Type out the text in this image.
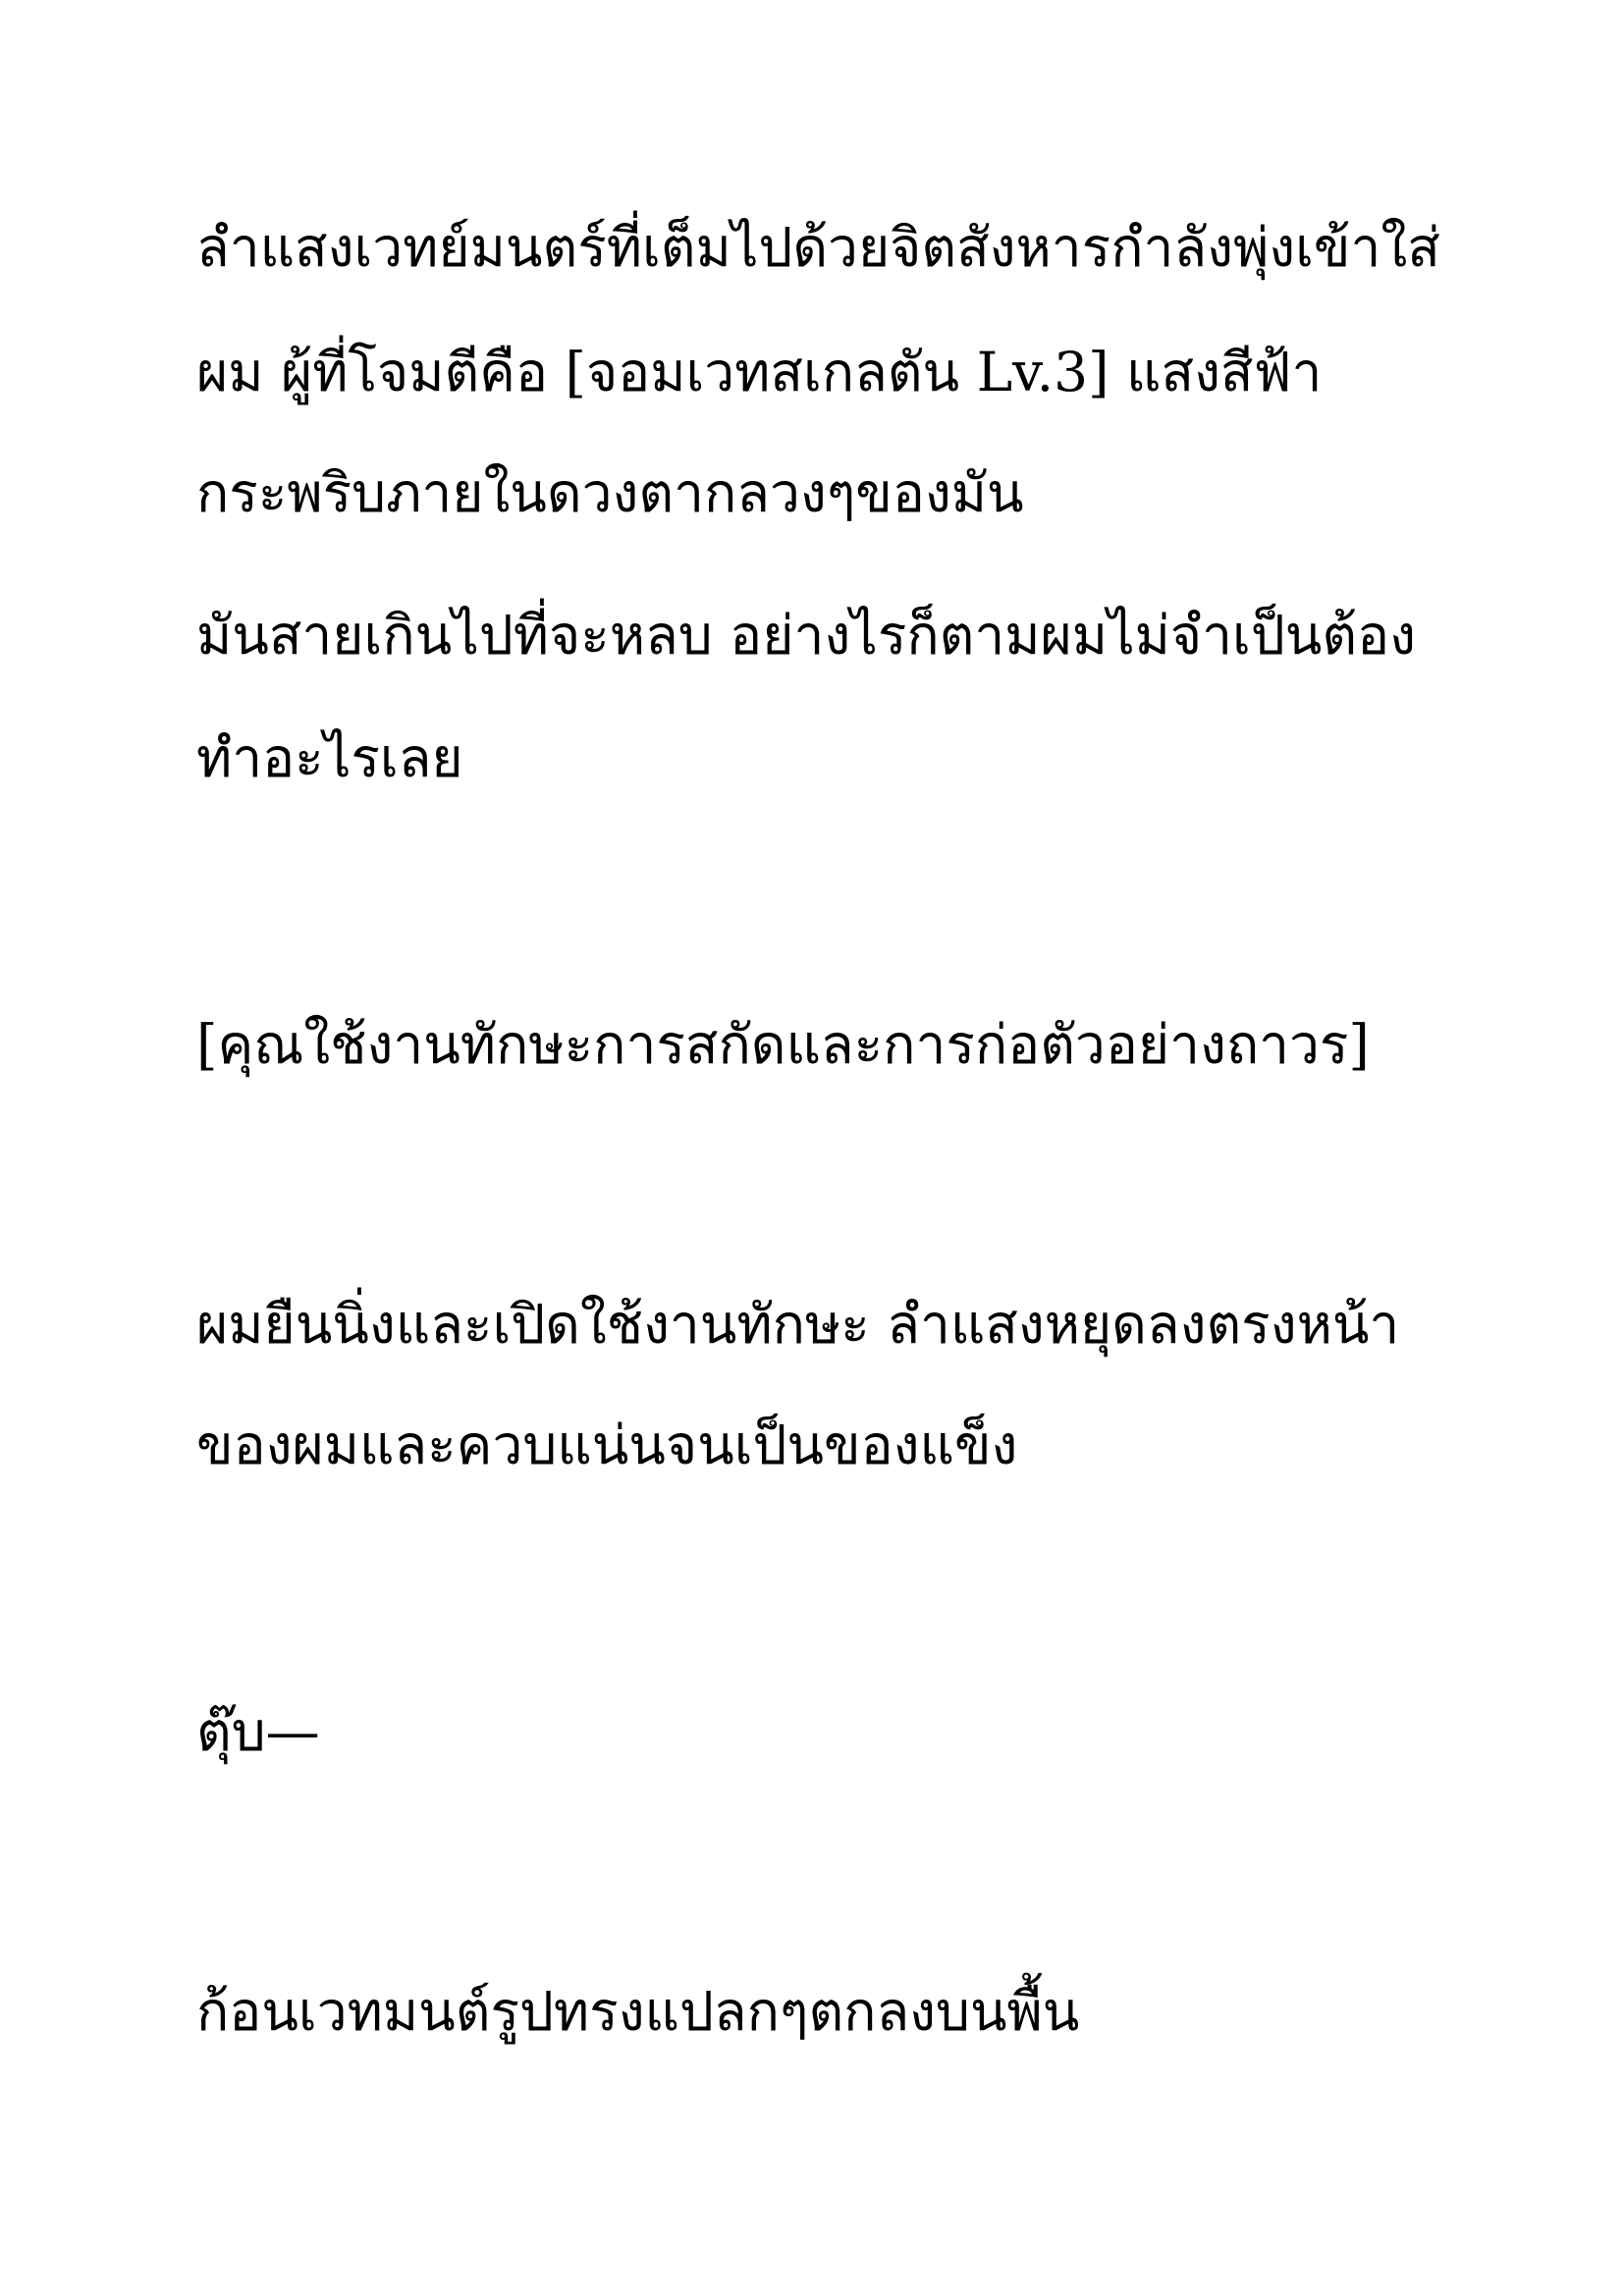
ลำแสงเวทย์มนตร์ที่เต็มไปด้วยจิตสังหารกำลังพุ่งเข้าใส่

ผม ผู้ที่โจมตีคือ [จอมเวทสเกลตัน Lv.3] แสงสีฟ้า

กระพริบภายในดวงตากลวงๆของมัน

มันสายเกินไปที่จะหลบ อย่างไรก็ตามผมไม่จำเป็นต้อง

ทำอะไรเลย

[คุณใช้งานทักษะการสกัดและการก่อตัวอย่างถาวร]

ผมยืนนิ่งและเปิดใช้งานทักษะ ลำแสงหยุดลงตรงหน้า

ของผมและควบแน่นจนเป็นของแข็ง

ตุ๊บ—

ก้อนเวทมนต์รูปทรงแปลกๆตกลงบนพื้น
